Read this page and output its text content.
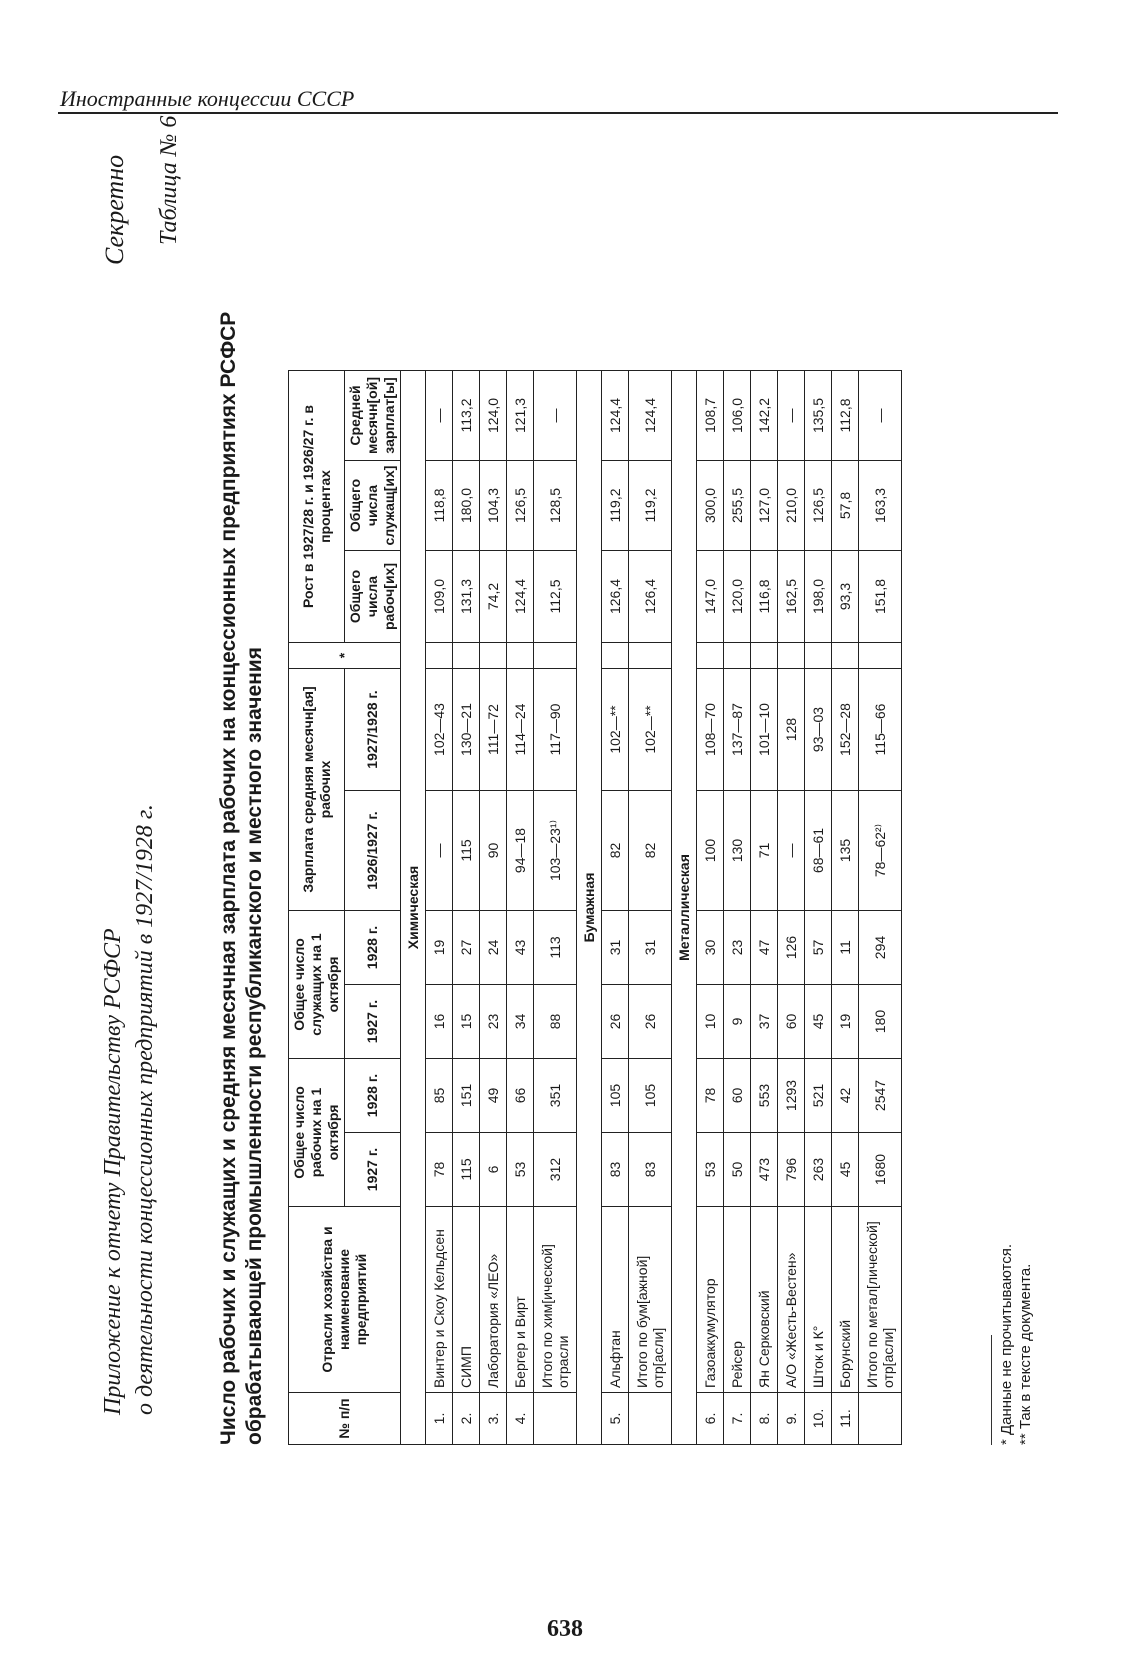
Иностранные концессии СССР
Секретно Таблица № 6
Приложение к отчету Правительству РСФСР о деятельности концессионных предприятий в 1927/1928 г.	Число рабочих и служащих и средняя месячная зарплата рабочих на концессионных предприятиях РСФСР обрабатывающей промышленности республиканского и местного значения	№ п/п	Отрасли хозяйства и наименование предприятий	Общее число рабочих на 1 октября		Общее число служащих на 1 октября		Зарплата средняя месячн[ая] рабочих		*	Рост в 1927/28 г. и 1926/27 г. в процентах		
		1927 г.	1928 г.	1927 г.	1928 г.	1926/1927 г.	1927/1928 г.		Общего числа рабоч[их]	Общего числа служащ[их]	Средней месячн[ой] зарплат[ы]
Химическая											
1.	Винтер и Скоу Кельдсен	78	85	16	19	—	102—43		109,0	118,8	—
2.	СИМП	115	151	15	27	115	130—21		131,3	180,0	113,2
3.	Лаборатория «ЛЕО»	6	49	23	24	90	111—72		74,2	104,3	124,0
4.	Бергер и Вирт	53	66	34	43	94—18	114—24		124,4	126,5	121,3
	Итого по хим[ической] отрасли	312	351	88	113	103—23¹⁾	117—90		112,5	128,5	—
Бумажная											
5.	Альфтан	83	105	26	31	82	102—**		126,4	119,2	124,4
	Итого по бум[ажной] отр[асли]	83	105	26	31	82	102—**		126,4	119,2	124,4
Металлическая											
6.	Газоаккумулятор	53	78	10	30	100	108—70		147,0	300,0	108,7
7.	Рейсер	50	60	9	23	130	137—87		120,0	255,5	106,0
8.	Ян Серковский	473	553	37	47	71	101—10		116,8	127,0	142,2
9.	А/О «Жесть-Вестен»	796	1293	60	126	—	128		162,5	210,0	—
10.	Шток и К°	263	521	45	57	68—61	93—03		198,0	126,5	135,5
11.	Борунский	45	42	19	11	135	152—28		93,3	57,8	112,8
	Итого по метал[лической] отр[асли]	1680	2547	180	294	78—62²⁾	115—66		151,8	163,3	—
* Данные не прочитываются. ** Так в тексте документа.
638
